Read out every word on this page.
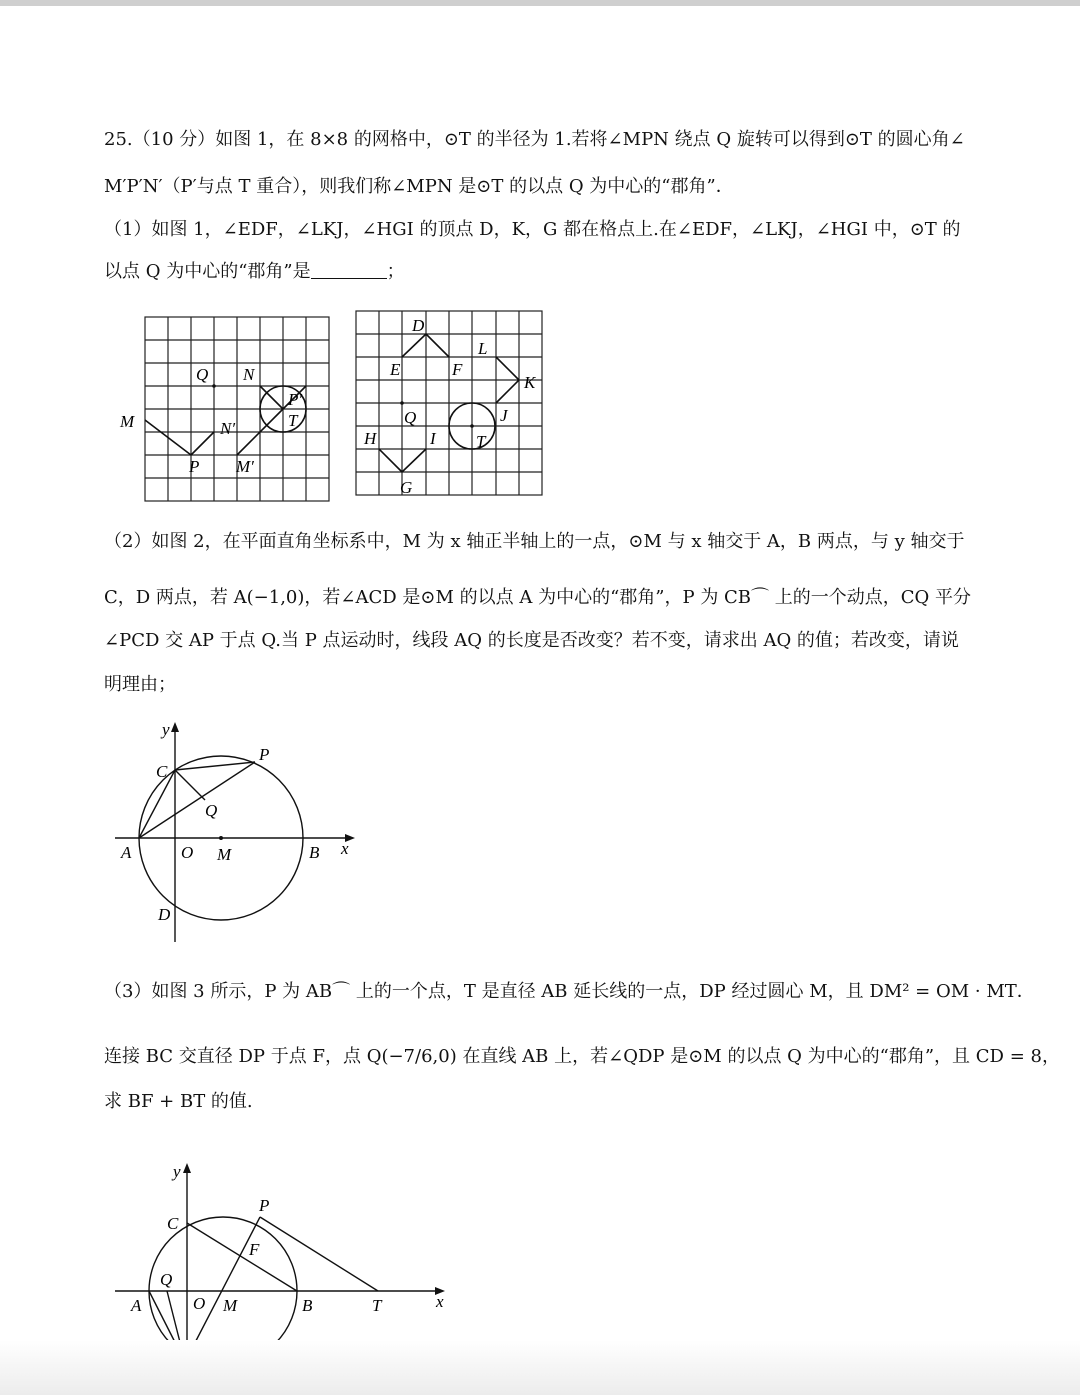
25.（10 分）如图 1，在 8×8 的网格中，⊙T 的半径为 1.若将∠MPN 绕点 Q 旋转可以得到⊙T 的圆心角∠
M′P′N′（P′与点 T 重合），则我们称∠MPN 是⊙T 的以点 Q 为中心的“郡角”．
（1）如图 1，∠EDF，∠LKJ，∠HGI 的顶点 D，K，G 都在格点上.在∠EDF，∠LKJ，∠HGI 中，⊙T 的
以点 Q 为中心的“郡角”是	；
Q N
M	N′
P
P′
T
M′
D
L
E	F
K
Q	J
H	I T
G
（2）如图 2，在平面直角坐标系中，M 为 x 轴正半轴上的一点，⊙M 与 x 轴交于 A，B 两点，与 y 轴交于
C，D 两点，若 A(−1,0)，若∠ACD 是⊙M 的以点 A 为中心的“郡角”，P 为 CB⌒ 上的一个动点，CQ 平分
∠PCD 交 AP 于点 Q.当 P 点运动时，线段 AQ 的长度是否改变？若不变，请求出 AQ 的值；若改变，请说
明理由；
y
x
C
P
Q
A	O M	B
D
（3）如图 3 所示，P 为 AB⌒ 上的一个点，T 是直径 AB 延长线的一点，DP 经过圆心 M，且 DM² = OM · MT．
连接 BC 交直径 DP 于点 F，点 Q(−7/6,0) 在直线 AB 上，若∠QDP 是⊙M 的以点 Q 为中心的“郡角”，且 CD = 8，
求 BF + BT 的值.
y
x
C
P
F
Q
A	O M	B	T
